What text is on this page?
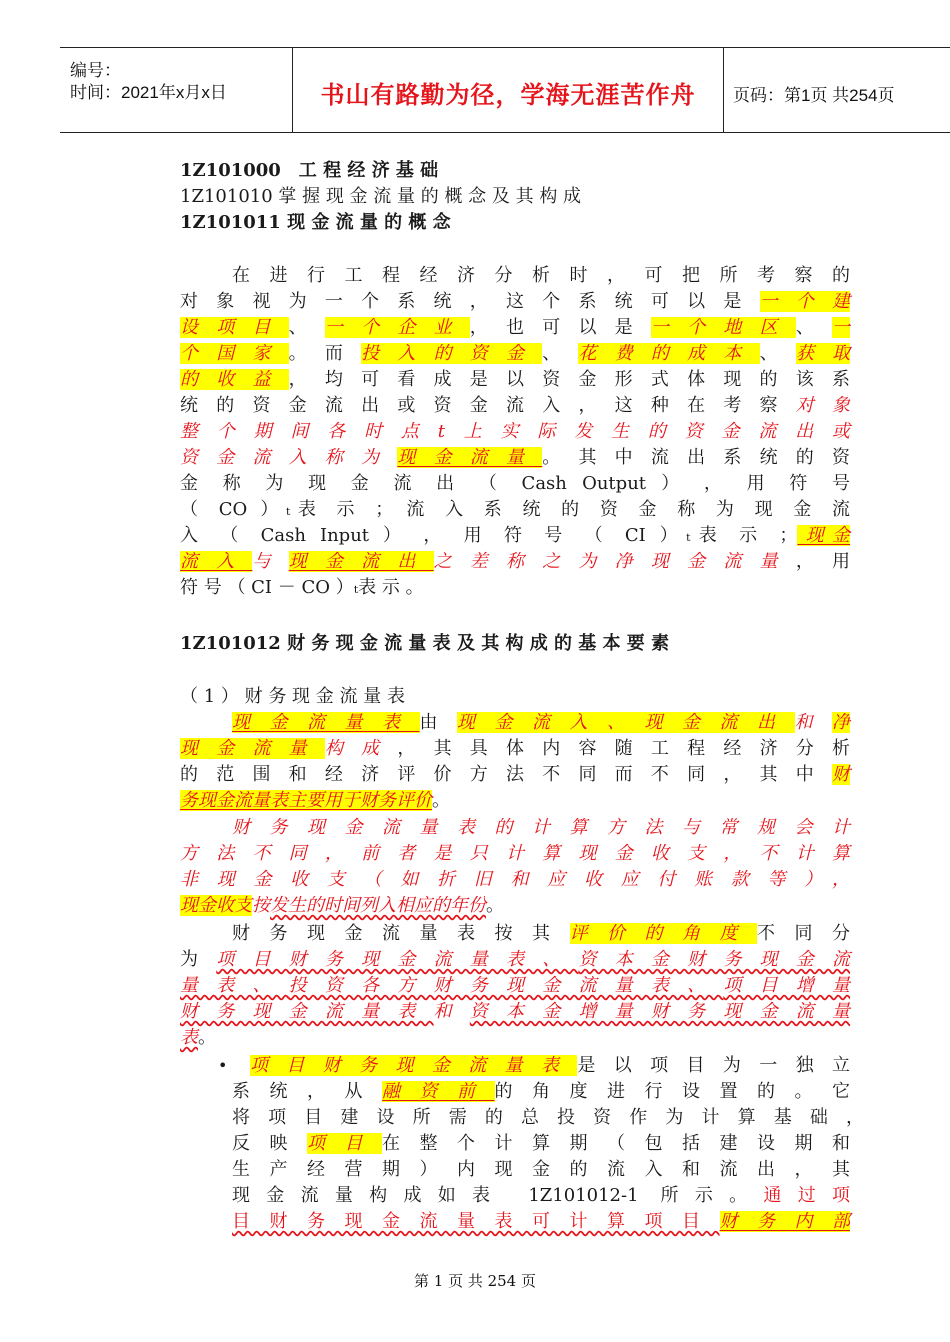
编号：
时间：2021年x月x日	书山有路勤为径，学海无涯苦作舟	页码：第1页 共254页
1Z101000　工 程 经 济 基 础
1Z101010 掌 握 现 金 流 量 的 概 念 及 其 构 成
1Z101011 现 金 流 量 的 概 念
在进行工程经济分析时，可把所考察的
对象视为一个系统，这个系统可以是一个建
设项目、一个企业，也可以是一个地区、一
个国家。而投入的资金、花费的成本、获取
的收益，均可看成是以资金形式体现的该系
统的资金流出或资金流入，这种在考察对象
整个期间各时点t上实际发生的资金流出或
资金流入称为现金流量。其中流出系统的资
金 称 为 现 金 流 出 （ Cash Output ） ， 用 符 号
（ CO ）ₜ表 示 ； 流 入 系 统 的 资 金 称 为 现 金 流
入 （ Cash Input ） ， 用 符 号 （ CI ）ₜ表 示 ；现金
流入与现金流出之差称之为净现金流量，用
符 号 （ CI － CO ）ₜ表 示 。
1Z101012 财 务 现 金 流 量 表 及 其 构 成 的 基 本 要 素
（ 1 ） 财 务 现 金 流 量 表
现金流量表由现金流入、现金流出和净
现金流量构成，其具体内容随工程经济分析
的范围和经济评价方法不同而不同，其中财
务现金流量表主要用于财务评价。
财务现金流量表的计算方法与常规会计
方法不同，前者是只计算现金收支，不计算
非现金收支（如折旧和应收应付账款等），
现金收支按发生的时间列入相应的年份。
财务现金流量表按其评价的角度不同分
为项目财务现金流量表、资本金财务现金流
量表、投资各方财务现金流量表、项目增量
财务现金流量表和资本金增量财务现金流量
表。
• 项目财务现金流量表是以项目为一独立
系统，从融资前的角度进行设置的。它
将项目建设所需的总投资作为计算基础，
反映项目在整个计算期（包括建设期和
生产经营期）内现金的流入和流出，其
现金流量构成如表 1Z101012-1 所示。通过项
目财务现金流量表可计算项目财务内部
第 1 页 共 254 页
